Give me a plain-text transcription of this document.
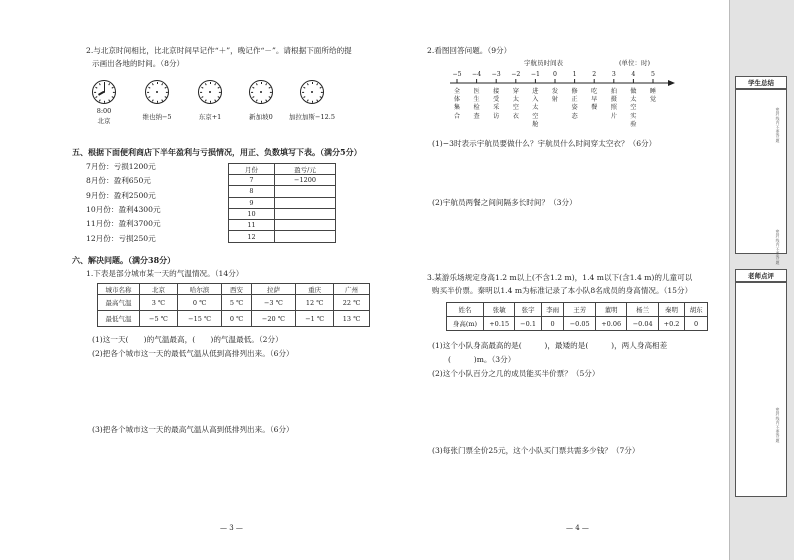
2.与北京时间相比，比北京时间早记作“＋”，晚记作“－”。请根据下面所给的提
示画出各地的时间。（8分）
8:00
北京	维也纳−5	东京+1	新加坡0	加拉加斯−12.5
五、根据下面便利商店下半年盈利与亏损情况，用正、负数填写下表。（满分5分）
7月份：亏损1200元
8月份：盈利650元
9月份：盈利2500元
10月份：盈利4300元
11月份：盈利3700元
12月份：亏损250元
月份	盈亏/元
7	−1200
8	
9	
10	
11	
12	
六、解决问题。（满分38分）
1.下表是部分城市某一天的气温情况。（14分）
城市名称	北京	哈尔滨	西安	拉萨	重庆	广州
最高气温	3 ℃	0 ℃	5 ℃	−3 ℃	12 ℃	22 ℃
最低气温	−5 ℃	−15 ℃	0 ℃	−20 ℃	−1 ℃	13 ℃
(1)这一天(　　)的气温最高，(　　)的气温最低。（2分）
(2)把各个城市这一天的最低气温从低到高排列出来。（6分）
(3)把各个城市这一天的最高气温从高到低排列出来。（6分）
— 3 —
2.看图回答问题。（9分）
宇航员时间表	(单位：时)
−5 −4 −3 −2 −1	0	1	2	3	4	5
全体集合
医生检查
接受采访
穿太空衣
进入太空舱
发射
修正姿态
吃早餐
拍摄照片
做太空实验
睡觉
(1)−3时表示宇航员要做什么？宇航员什么时间穿太空衣？（6分）
(2)宇航员两餐之间间隔多长时间？（3分）
3.某游乐场规定身高1.2 m以上(不含1.2 m)，1.4 m以下(含1.4 m)的儿童可以
购买半价票。秦明以1.4 m为标准记录了本小队8名成员的身高情况。（15分）
姓名	张敏	张宇	李雨	王芳	董明	杨兰	秦明	胡东
身高(m)	+0.15	−0.1	0	−0.05	+0.06	−0.04	+0.2	0
(1)这个小队身高最高的是(　　　)，最矮的是(　　　)，两人身高相差
(　　　)m。（3分）
(2)这个小队百分之几的成员能买半价票？（5分）
(3)每张门票全价25元，这个小队买门票共需多少钱？（7分）
— 4 —
学生总结
老师点评
密封线内不要答题
密封线内不要答题
密封线内不要答题
